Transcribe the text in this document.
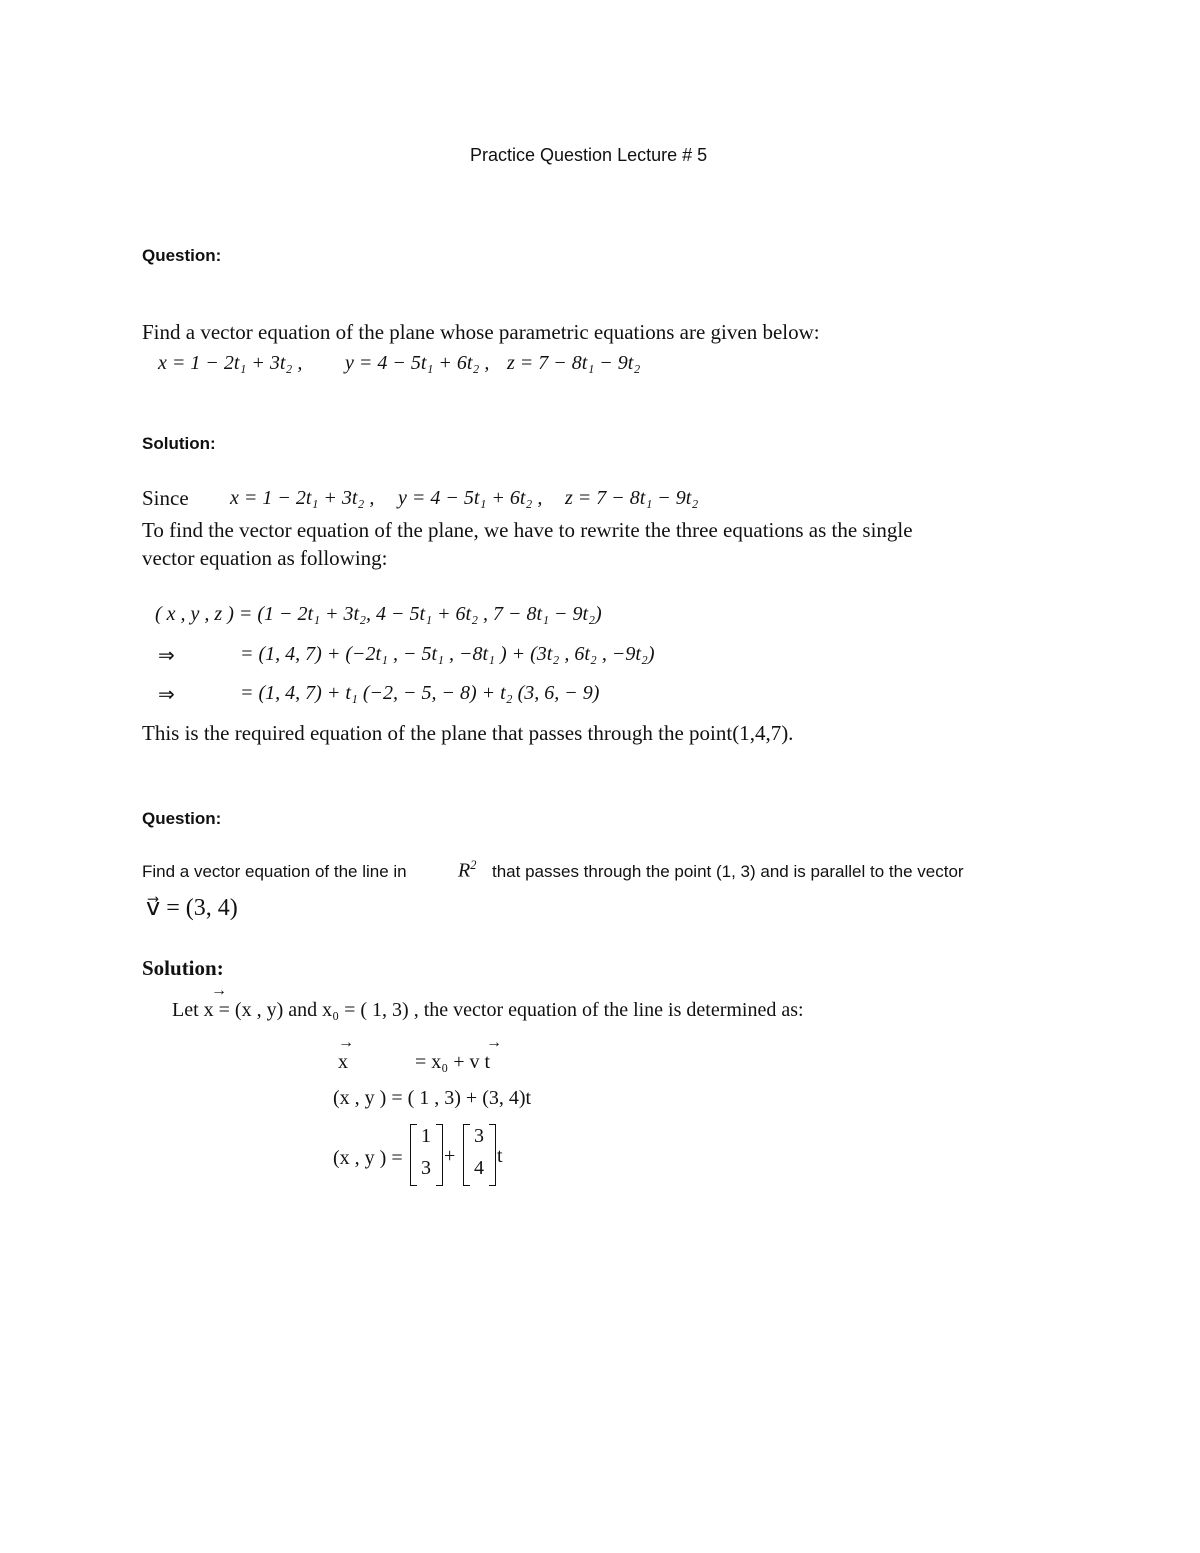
Practice Question Lecture # 5
Question:
Find a vector equation of the plane whose parametric equations are given below:
x = 1 − 2t₁ + 3t₂ , y = 4 − 5t₁ + 6t₂ , z = 7 − 8t₁ − 9t₂
Solution:
Since x = 1 − 2t₁ + 3t₂ , y = 4 − 5t₁ + 6t₂ , z = 7 − 8t₁ − 9t₂
To find the vector equation of the plane, we have to rewrite the three equations as the single
vector equation as following:
( x , y , z ) = (1 − 2t₁ + 3t₂, 4 − 5t₁ + 6t₂ , 7 − 8t₁ − 9t₂)
⇒	= (1, 4, 7) + (−2t₁ , − 5t₁ , −8t₁ ) + (3t₂ , 6t₂ , −9t₂)
⇒	= (1, 4, 7) + t₁ (−2, − 5, − 8) + t₂ (3, 6, − 9)
This is the required equation of the plane that passes through the point(1,4,7).
Question:
Find a vector equation of the line in	$R^2$ that passes through the point (1, 3) and is parallel to the vector
v⃗ = (3, 4)
Solution:
→
Let x = (x , y) and x₀ = ( 1, 3) , the vector equation of the line is determined as:
→	→
x	= x₀ + v t
(x , y ) = ( 1 , 3) + (3, 4)t
(x , y ) =
1
3
+
3
4
t
